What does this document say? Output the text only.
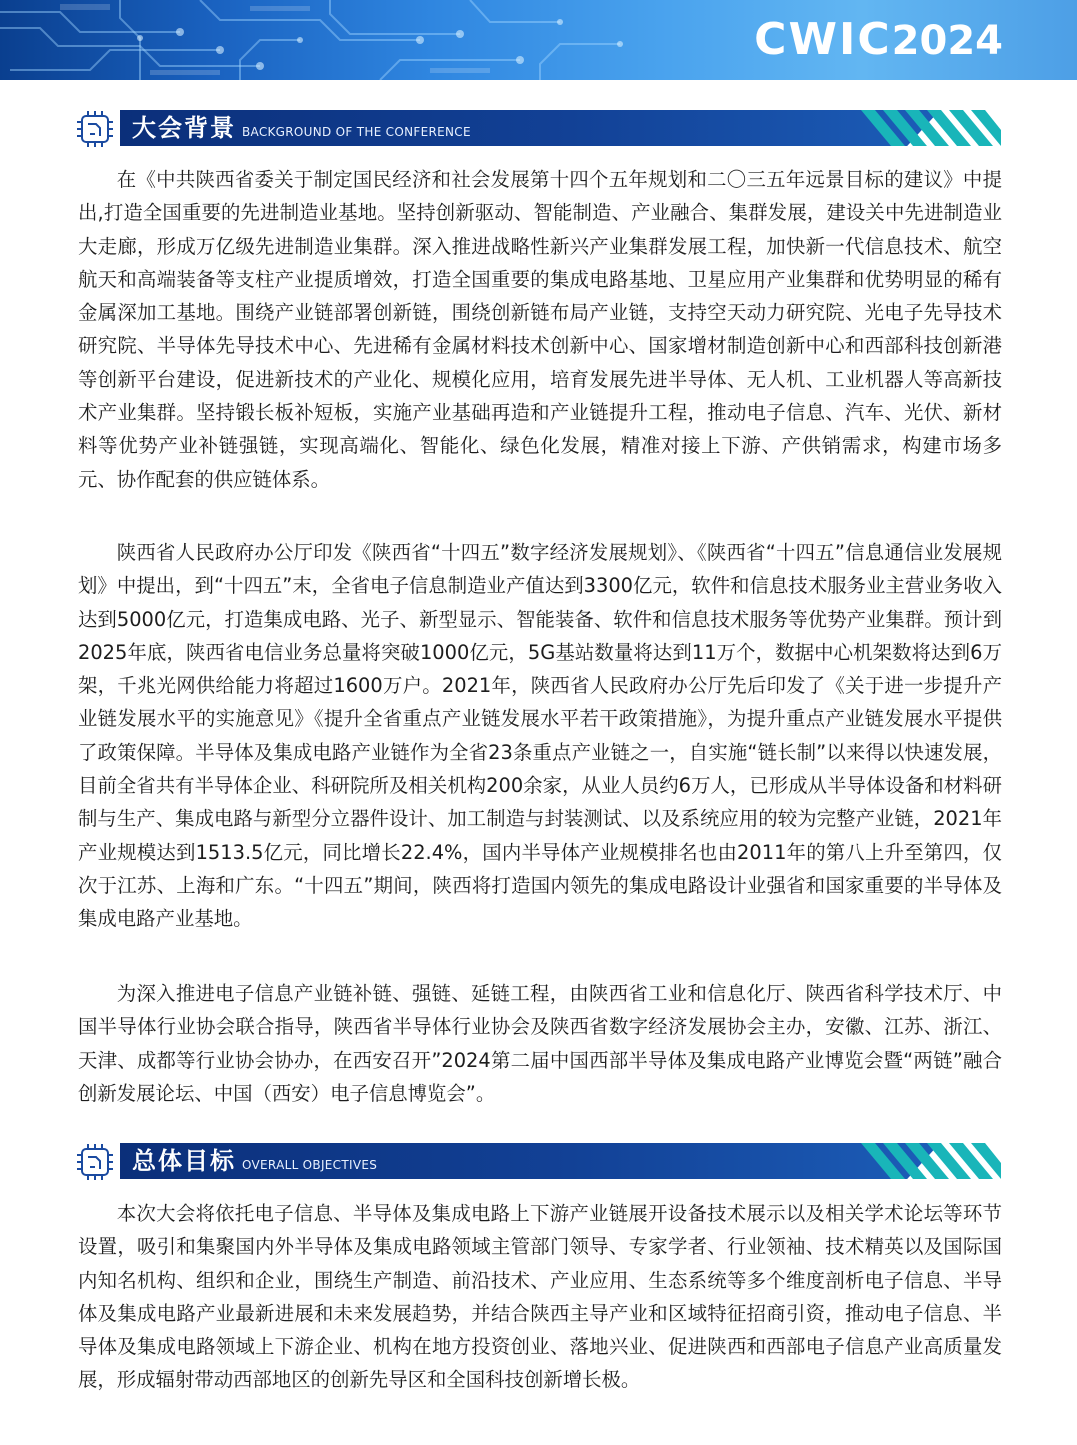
CWIC2024
大会背景 BACKGROUND OF THE CONFERENCE

在《中共陕西省委关于制定国民经济和社会发展第十四个五年规划和二〇三五年远景目标的建议》中提出,打造全国重要的先进制造业基地。坚持创新驱动、智能制造、产业融合、集群发展，建设关中先进制造业大走廊，形成万亿级先进制造业集群。深入推进战略性新兴产业集群发展工程，加快新一代信息技术、航空航天和高端装备等支柱产业提质增效，打造全国重要的集成电路基地、卫星应用产业集群和优势明显的稀有金属深加工基地。围绕产业链部署创新链，围绕创新链布局产业链，支持空天动力研究院、光电子先导技术研究院、半导体先导技术中心、先进稀有金属材料技术创新中心、国家增材制造创新中心和西部科技创新港等创新平台建设，促进新技术的产业化、规模化应用，培育发展先进半导体、无人机、工业机器人等高新技术产业集群。坚持锻长板补短板，实施产业基础再造和产业链提升工程，推动电子信息、汽车、光伏、新材料等优势产业补链强链，实现高端化、智能化、绿色化发展，精准对接上下游、产供销需求，构建市场多元、协作配套的供应链体系。

陕西省人民政府办公厅印发《陕西省“十四五”数字经济发展规划》、《陕西省“十四五”信息通信业发展规划》中提出，到“十四五”末，全省电子信息制造业产值达到3300亿元，软件和信息技术服务业主营业务收入达到5000亿元，打造集成电路、光子、新型显示、智能装备、软件和信息技术服务等优势产业集群。预计到2025年底，陕西省电信业务总量将突破1000亿元，5G基站数量将达到11万个，数据中心机架数将达到6万架，千兆光网供给能力将超过1600万户。2021年，陕西省人民政府办公厅先后印发了《关于进一步提升产业链发展水平的实施意见》《提升全省重点产业链发展水平若干政策措施》，为提升重点产业链发展水平提供了政策保障。半导体及集成电路产业链作为全省23条重点产业链之一，自实施“链长制”以来得以快速发展，目前全省共有半导体企业、科研院所及相关机构200余家，从业人员约6万人，已形成从半导体设备和材料研制与生产、集成电路与新型分立器件设计、加工制造与封装测试、以及系统应用的较为完整产业链，2021年产业规模达到1513.5亿元，同比增长22.4%，国内半导体产业规模排名也由2011年的第八上升至第四，仅次于江苏、上海和广东。“十四五”期间，陕西将打造国内领先的集成电路设计业强省和国家重要的半导体及集成电路产业基地。

为深入推进电子信息产业链补链、强链、延链工程，由陕西省工业和信息化厅、陕西省科学技术厅、中国半导体行业协会联合指导，陕西省半导体行业协会及陕西省数字经济发展协会主办，安徽、江苏、浙江、天津、成都等行业协会协办，在西安召开”2024第二届中国西部半导体及集成电路产业博览会暨“两链”融合创新发展论坛、中国（西安）电子信息博览会”。

总体目标 OVERALL OBJECTIVES

本次大会将依托电子信息、半导体及集成电路上下游产业链展开设备技术展示以及相关学术论坛等环节设置，吸引和集聚国内外半导体及集成电路领域主管部门领导、专家学者、行业领袖、技术精英以及国际国内知名机构、组织和企业，围绕生产制造、前沿技术、产业应用、生态系统等多个维度剖析电子信息、半导体及集成电路产业最新进展和未来发展趋势，并结合陕西主导产业和区域特征招商引资，推动电子信息、半导体及集成电路领域上下游企业、机构在地方投资创业、落地兴业、促进陕西和西部电子信息产业高质量发展，形成辐射带动西部地区的创新先导区和全国科技创新增长极。
